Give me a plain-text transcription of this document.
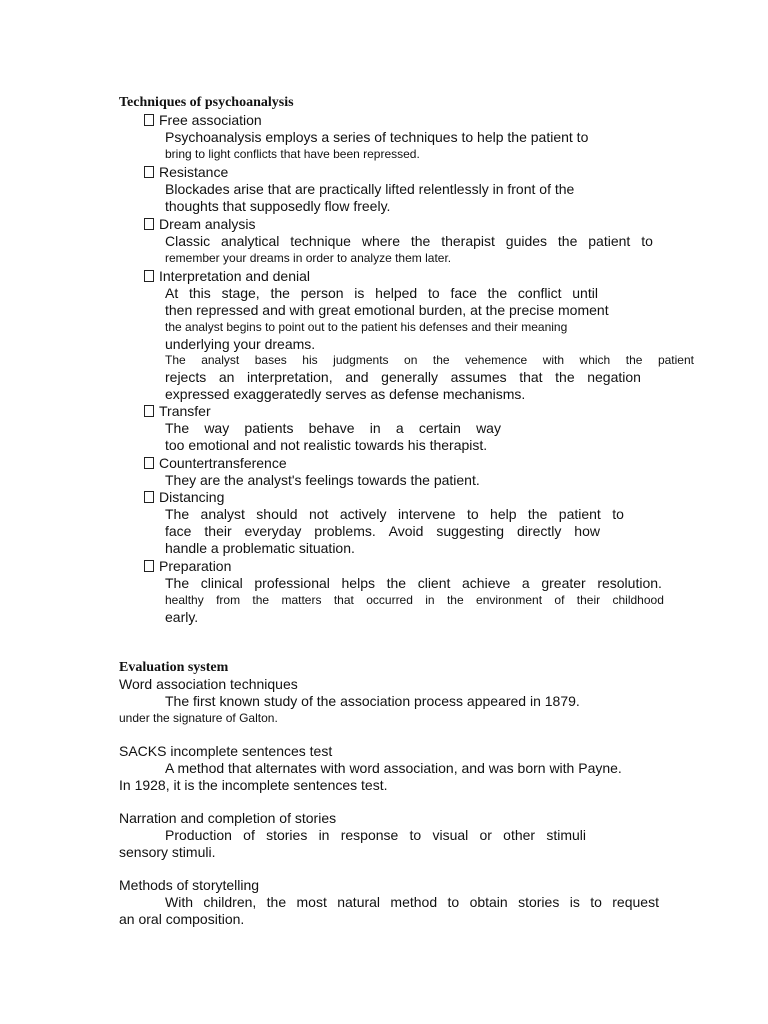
Techniques of psychoanalysis
Free association
Psychoanalysis employs a series of techniques to help the patient to
bring to light conflicts that have been repressed.
Resistance
Blockades arise that are practically lifted relentlessly in front of the
thoughts that supposedly flow freely.
Dream analysis
Classic analytical technique where the therapist guides the patient to
remember your dreams in order to analyze them later.
Interpretation and denial
At this stage, the person is helped to face the conflict until
then repressed and with great emotional burden, at the precise moment
the analyst begins to point out to the patient his defenses and their meaning
underlying your dreams.
The analyst bases his judgments on the vehemence with which the patient
rejects an interpretation, and generally assumes that the negation
expressed exaggeratedly serves as defense mechanisms.
Transfer
The way patients behave in a certain way
too emotional and not realistic towards his therapist.
Countertransference
They are the analyst's feelings towards the patient.
Distancing
The analyst should not actively intervene to help the patient to
face their everyday problems. Avoid suggesting directly how
handle a problematic situation.
Preparation
The clinical professional helps the client achieve a greater resolution.
healthy from the matters that occurred in the environment of their childhood
early.
Evaluation system
Word association techniques
The first known study of the association process appeared in 1879.
under the signature of Galton.
SACKS incomplete sentences test
A method that alternates with word association, and was born with Payne.
In 1928, it is the incomplete sentences test.
Narration and completion of stories
Production of stories in response to visual or other stimuli
sensory stimuli.
Methods of storytelling
With children, the most natural method to obtain stories is to request
an oral composition.
